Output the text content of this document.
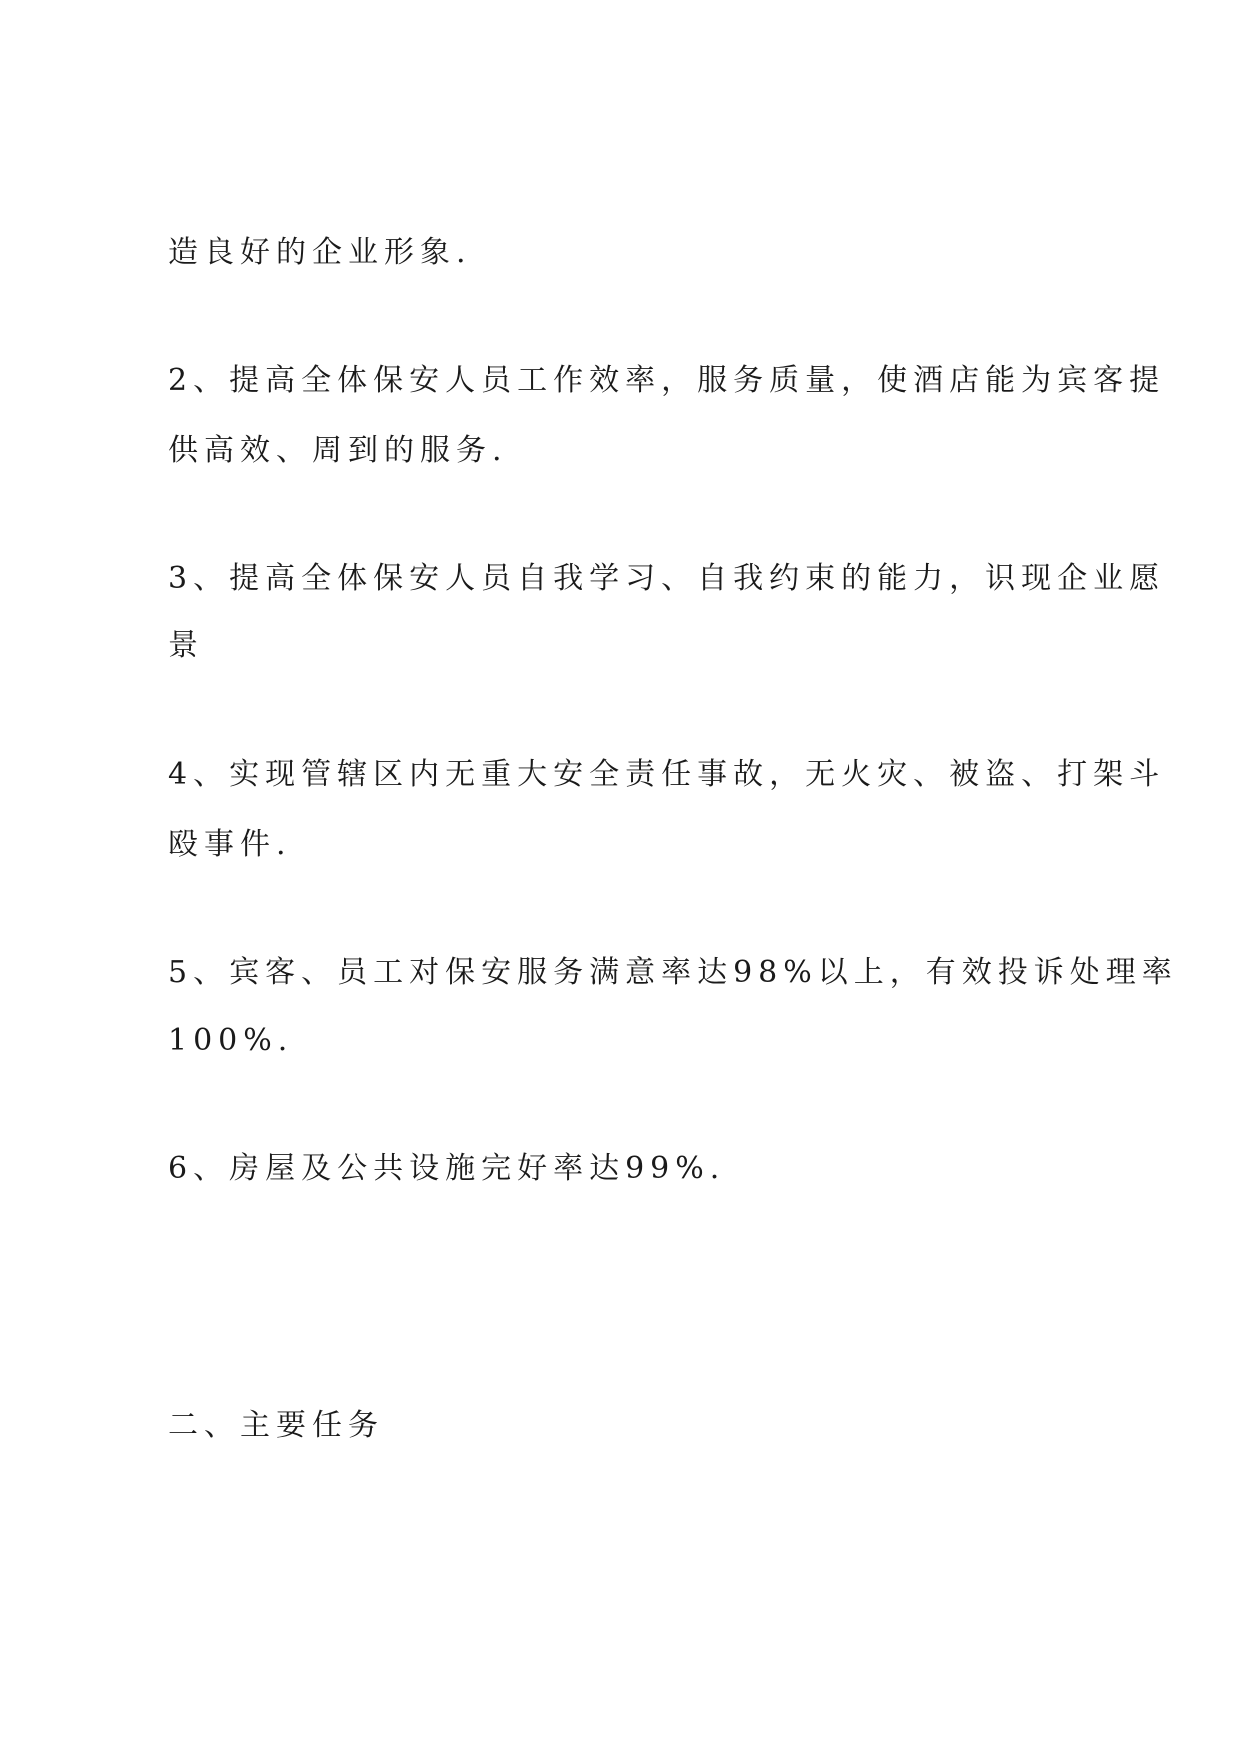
造良好的企业形象.

2、提高全体保安人员工作效率，服务质量，使酒店能为宾客提

供高效、周到的服务.

3、提高全体保安人员自我学习、自我约束的能力，识现企业愿

景

4、实现管辖区内无重大安全责任事故，无火灾、被盗、打架斗

殴事件.

5、宾客、员工对保安服务满意率达98%以上，有效投诉处理率

100%.

6、房屋及公共设施完好率达99%.

二、主要任务
